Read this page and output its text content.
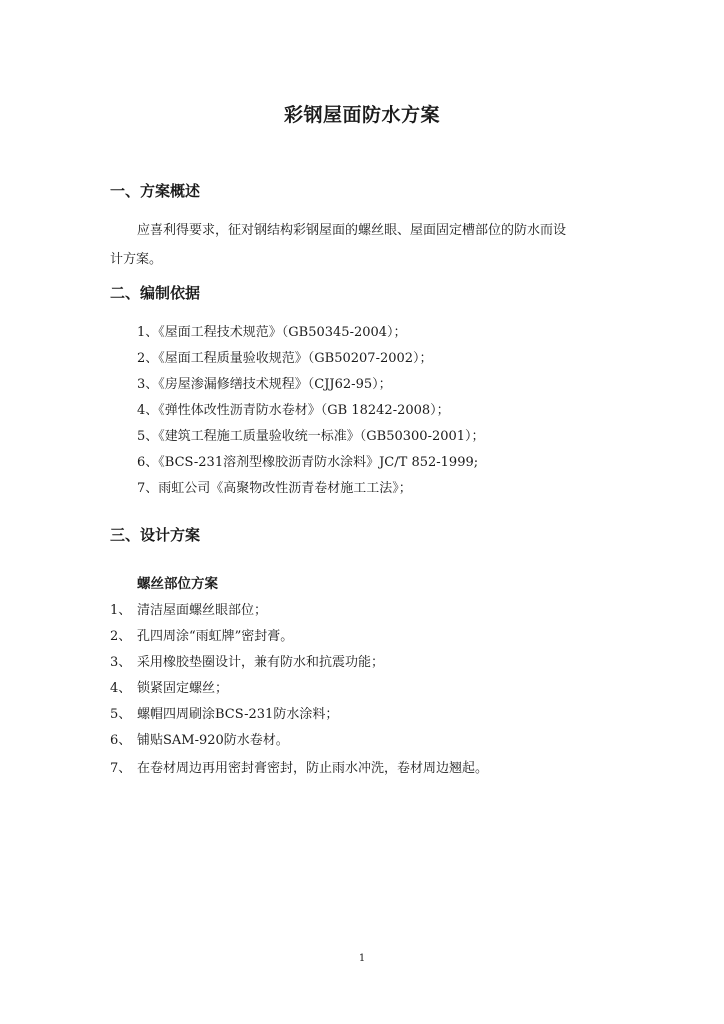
彩钢屋面防水方案
一、方案概述
应喜利得要求，征对钢结构彩钢屋面的螺丝眼、屋面固定槽部位的防水而设
计方案。
二、编制依据
1、《屋面工程技术规范》（GB50345-2004）；
2、《屋面工程质量验收规范》（GB50207-2002）；
3、《房屋渗漏修缮技术规程》（CJJ62-95）；
4、《弹性体改性沥青防水卷材》（GB 18242-2008）；
5、《建筑工程施工质量验收统一标准》（GB50300-2001）；
6、《BCS-231溶剂型橡胶沥青防水涂料》JC/T 852-1999;
7、雨虹公司《高聚物改性沥青卷材施工工法》；
三、设计方案
螺丝部位方案
1、 清洁屋面螺丝眼部位；
2、 孔四周涂“雨虹牌”密封膏。
3、 采用橡胶垫圈设计，兼有防水和抗震功能；
4、 锁紧固定螺丝；
5、 螺帽四周刷涂BCS-231防水涂料；
6、 铺贴SAM-920防水卷材。
7、 在卷材周边再用密封膏密封，防止雨水冲洗，卷材周边翘起。
1
